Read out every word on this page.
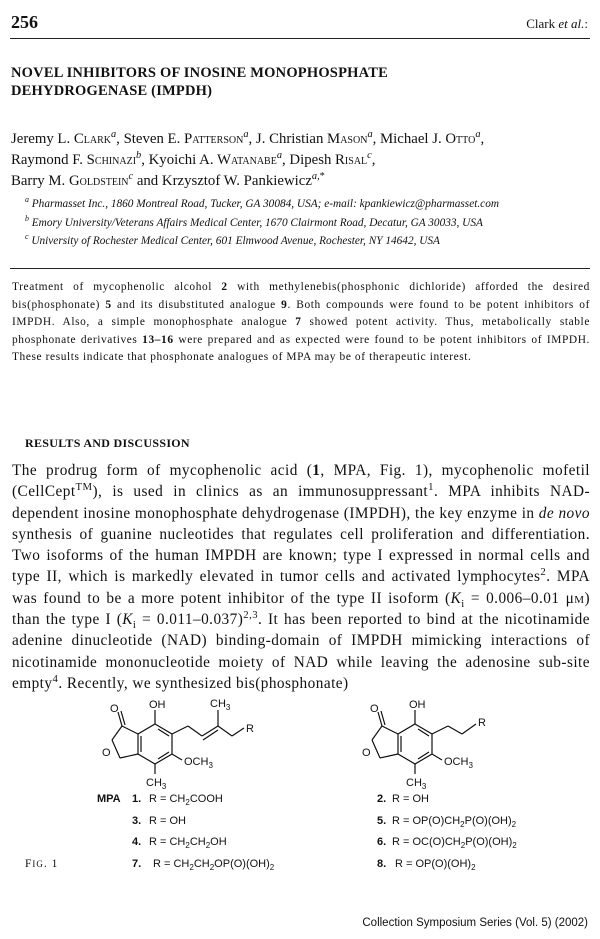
256	Clark et al.:
NOVEL INHIBITORS OF INOSINE MONOPHOSPHATE
DEHYDROGENASE (IMPDH)
Jeremy L. Clark$^a$, Steven E. Patterson$^a$, J. Christian Mason$^a$, Michael J. Otto$^a$,
Raymond F. Schinazi$^b$, Kyoichi A. Watanabe$^a$, Dipesh Risal$^c$,
Barry M. Goldstein$^c$ and Krzysztof W. Pankiewicz$^{a,*}$
$^a$ Pharmasset Inc., 1860 Montreal Road, Tucker, GA 30084, USA; e-mail: kpankiewicz@pharmasset.com
$^b$ Emory University/Veterans Affairs Medical Center, 1670 Clairmont Road, Decatur, GA 30033, USA
$^c$ University of Rochester Medical Center, 601 Elmwood Avenue, Rochester, NY 14642, USA
Treatment of mycophenolic alcohol 2 with methylenebis(phosphonic dichloride) afforded the desired bis(phosphonate) 5 and its disubstituted analogue 9. Both compounds were found to be potent inhibitors of IMPDH. Also, a simple monophosphate analogue 7 showed potent activity. Thus, metabolically stable phosphonate derivatives 13–16 were prepared and as expected were found to be potent inhibitors of IMPDH. These results indicate that phosphonate analogues of MPA may be of therapeutic interest.
RESULTS AND DISCUSSION
The prodrug form of mycophenolic acid (1, MPA, Fig. 1), mycophenolic mofetil (CellCept™), is used in clinics as an immunosuppressant$^1$. MPA inhibits NAD-dependent inosine monophosphate dehydrogenase (IMPDH), the key enzyme in de novo synthesis of guanine nucleotides that regulates cell proliferation and differentiation. Two isoforms of the human IMPDH are known; type I expressed in normal cells and type II, which is markedly elevated in tumor cells and activated lymphocytes$^2$. MPA was found to be a more potent inhibitor of the type II isoform ($K_i = 0.006-0.01$ μm) than the type I $(K_i = 0.011-0.037)^{2,3}$. It has been reported to bind at the nicotinamide adenine dinucleotide (NAD) binding-domain of IMPDH mimicking interactions of nicotinamide mononucleotide moiety of NAD while leaving the adenosine sub-site empty$^4$. Recently, we synthesized bis(phosphonate)
O	OH
O
$OCH_3$
$CH_3$
$CH_3$
R
O	OH
O
$OCH_3$
$CH_3$
R
MPA 1. $R = CH_2COOH$
3. R = OH
4. $R = CH_2CH_2OH$
7. $R = CH_2CH_2OP(O)(OH)_2$
2. R = OH
5. $R = OP(O)CH_2P(O)(OH)_2$
6. $R = OC(O)CH_2P(O)(OH)_2$
8. $R = OP(O)(OH)_2$
FIG. 1
Collection Symposium Series (Vol. 5) (2002)
